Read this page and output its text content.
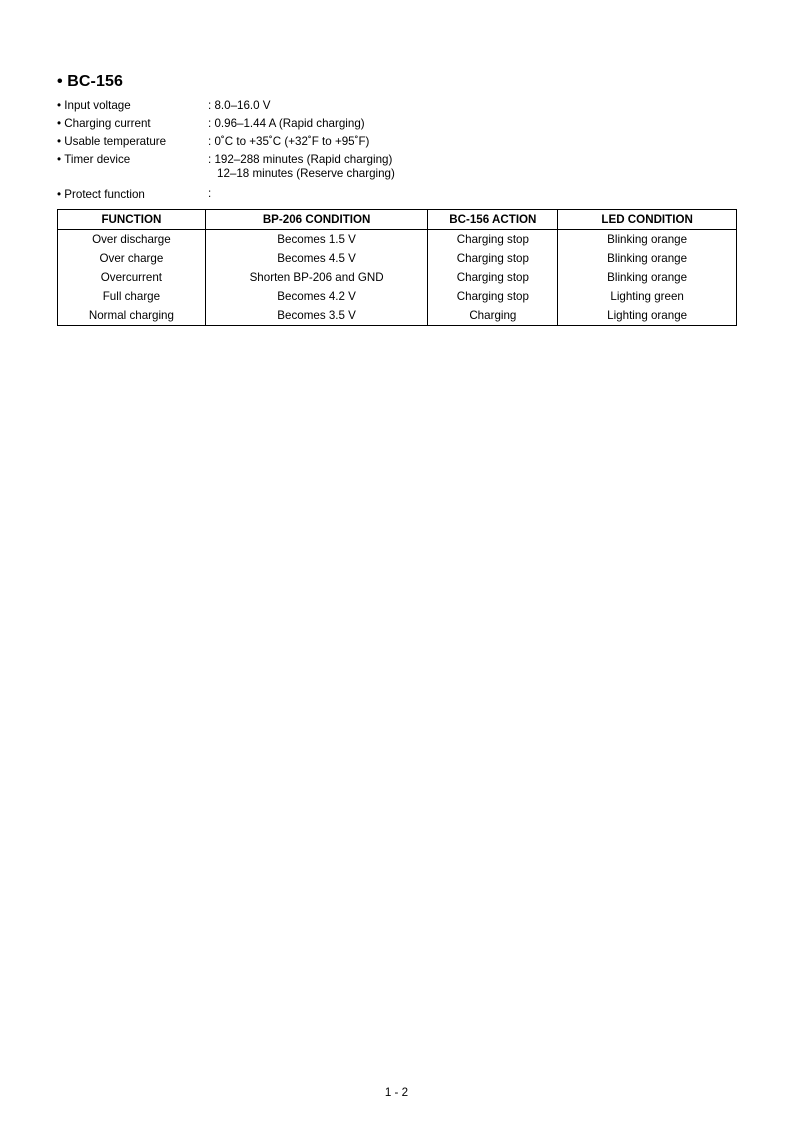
• BC-156
• Input voltage	: 8.0–16.0 V
• Charging current	: 0.96–1.44 A (Rapid charging)
• Usable temperature	: 0˚C to +35˚C (+32˚F to +95˚F)
• Timer device	: 192–288 minutes (Rapid charging)
12–18 minutes (Reserve charging)
• Protect function
:
FUNCTION	BP-206 CONDITION	BC-156 ACTION	LED CONDITION
Over discharge	Becomes 1.5 V	Charging stop	Blinking orange
Over charge	Becomes 4.5 V	Charging stop	Blinking orange
Overcurrent	Shorten BP-206 and GND	Charging stop	Blinking orange
Full charge	Becomes 4.2 V	Charging stop	Lighting green
Normal charging	Becomes 3.5 V	Charging	Lighting orange
1 - 2
